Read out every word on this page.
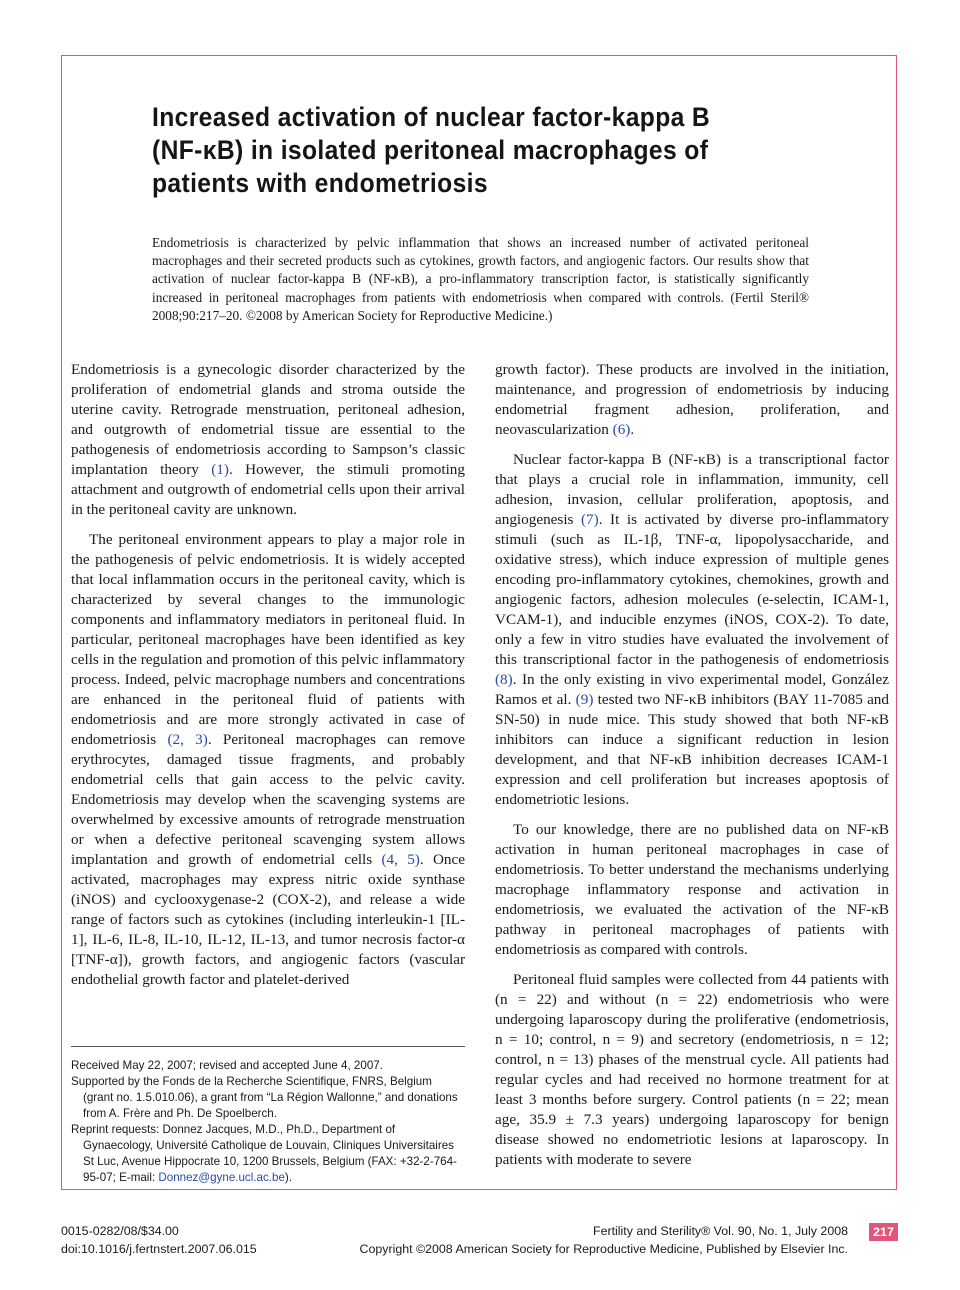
Increased activation of nuclear factor-kappa B (NF-κB) in isolated peritoneal macrophages of patients with endometriosis

Endometriosis is characterized by pelvic inflammation that shows an increased number of activated peritoneal macrophages and their secreted products such as cytokines, growth factors, and angiogenic factors. Our results show that activation of nuclear factor-kappa B (NF-κB), a pro-inflammatory transcription factor, is statistically significantly increased in peritoneal macrophages from patients with endometriosis when compared with controls. (Fertil Steril® 2008;90:217–20. ©2008 by American Society for Reproductive Medicine.)

Endometriosis is a gynecologic disorder characterized by the proliferation of endometrial glands and stroma outside the uterine cavity. Retrograde menstruation, peritoneal adhesion, and outgrowth of endometrial tissue are essential to the pathogenesis of endometriosis according to Sampson’s classic implantation theory (1). However, the stimuli promoting attachment and outgrowth of endometrial cells upon their arrival in the peritoneal cavity are unknown.

The peritoneal environment appears to play a major role in the pathogenesis of pelvic endometriosis. It is widely accepted that local inflammation occurs in the peritoneal cavity, which is characterized by several changes to the immunologic components and inflammatory mediators in peritoneal fluid. In particular, peritoneal macrophages have been identified as key cells in the regulation and promotion of this pelvic inflammatory process. Indeed, pelvic macrophage numbers and concentrations are enhanced in the peritoneal fluid of patients with endometriosis and are more strongly activated in case of endometriosis (2, 3). Peritoneal macrophages can remove erythrocytes, damaged tissue fragments, and probably endometrial cells that gain access to the pelvic cavity. Endometriosis may develop when the scavenging systems are overwhelmed by excessive amounts of retrograde menstruation or when a defective peritoneal scavenging system allows implantation and growth of endometrial cells (4, 5). Once activated, macrophages may express nitric oxide synthase (iNOS) and cyclooxygenase-2 (COX-2), and release a wide range of factors such as cytokines (including interleukin-1 [IL-1], IL-6, IL-8, IL-10, IL-12, IL-13, and tumor necrosis factor-α [TNF-α]), growth factors, and angiogenic factors (vascular endothelial growth factor and platelet-derived

growth factor). These products are involved in the initiation, maintenance, and progression of endometriosis by inducing endometrial fragment adhesion, proliferation, and neovascularization (6).

Nuclear factor-kappa B (NF-κB) is a transcriptional factor that plays a crucial role in inflammation, immunity, cell adhesion, invasion, cellular proliferation, apoptosis, and angiogenesis (7). It is activated by diverse pro-inflammatory stimuli (such as IL-1β, TNF-α, lipopolysaccharide, and oxidative stress), which induce expression of multiple genes encoding pro-inflammatory cytokines, chemokines, growth and angiogenic factors, adhesion molecules (e-selectin, ICAM-1, VCAM-1), and inducible enzymes (iNOS, COX-2). To date, only a few in vitro studies have evaluated the involvement of this transcriptional factor in the pathogenesis of endometriosis (8). In the only existing in vivo experimental model, González Ramos et al. (9) tested two NF-κB inhibitors (BAY 11-7085 and SN-50) in nude mice. This study showed that both NF-κB inhibitors can induce a significant reduction in lesion development, and that NF-κB inhibition decreases ICAM-1 expression and cell proliferation but increases apoptosis of endometriotic lesions.

To our knowledge, there are no published data on NF-κB activation in human peritoneal macrophages in case of endometriosis. To better understand the mechanisms underlying macrophage inflammatory response and activation in endometriosis, we evaluated the activation of the NF-κB pathway in peritoneal macrophages of patients with endometriosis as compared with controls.

Peritoneal fluid samples were collected from 44 patients with (n = 22) and without (n = 22) endometriosis who were undergoing laparoscopy during the proliferative (endometriosis, n = 10; control, n = 9) and secretory (endometriosis, n = 12; control, n = 13) phases of the menstrual cycle. All patients had regular cycles and had received no hormone treatment for at least 3 months before surgery. Control patients (n = 22; mean age, 35.9 ± 7.3 years) undergoing laparoscopy for benign disease showed no endometriotic lesions at laparoscopy. In patients with moderate to severe

Received May 22, 2007; revised and accepted June 4, 2007.

Supported by the Fonds de la Recherche Scientifique, FNRS, Belgium (grant no. 1.5.010.06), a grant from “La Région Wallonne,” and donations from A. Frère and Ph. De Spoelberch.

Reprint requests: Donnez Jacques, M.D., Ph.D., Department of Gynaecology, Université Catholique de Louvain, Cliniques Universitaires St Luc, Avenue Hippocrate 10, 1200 Brussels, Belgium (FAX: +32-2-764-95-07; E-mail: Donnez@gyne.ucl.ac.be).

0015-0282/08/$34.00
doi:10.1016/j.fertnstert.2007.06.015
Fertility and Sterility® Vol. 90, No. 1, July 2008
Copyright ©2008 American Society for Reproductive Medicine, Published by Elsevier Inc.
217
